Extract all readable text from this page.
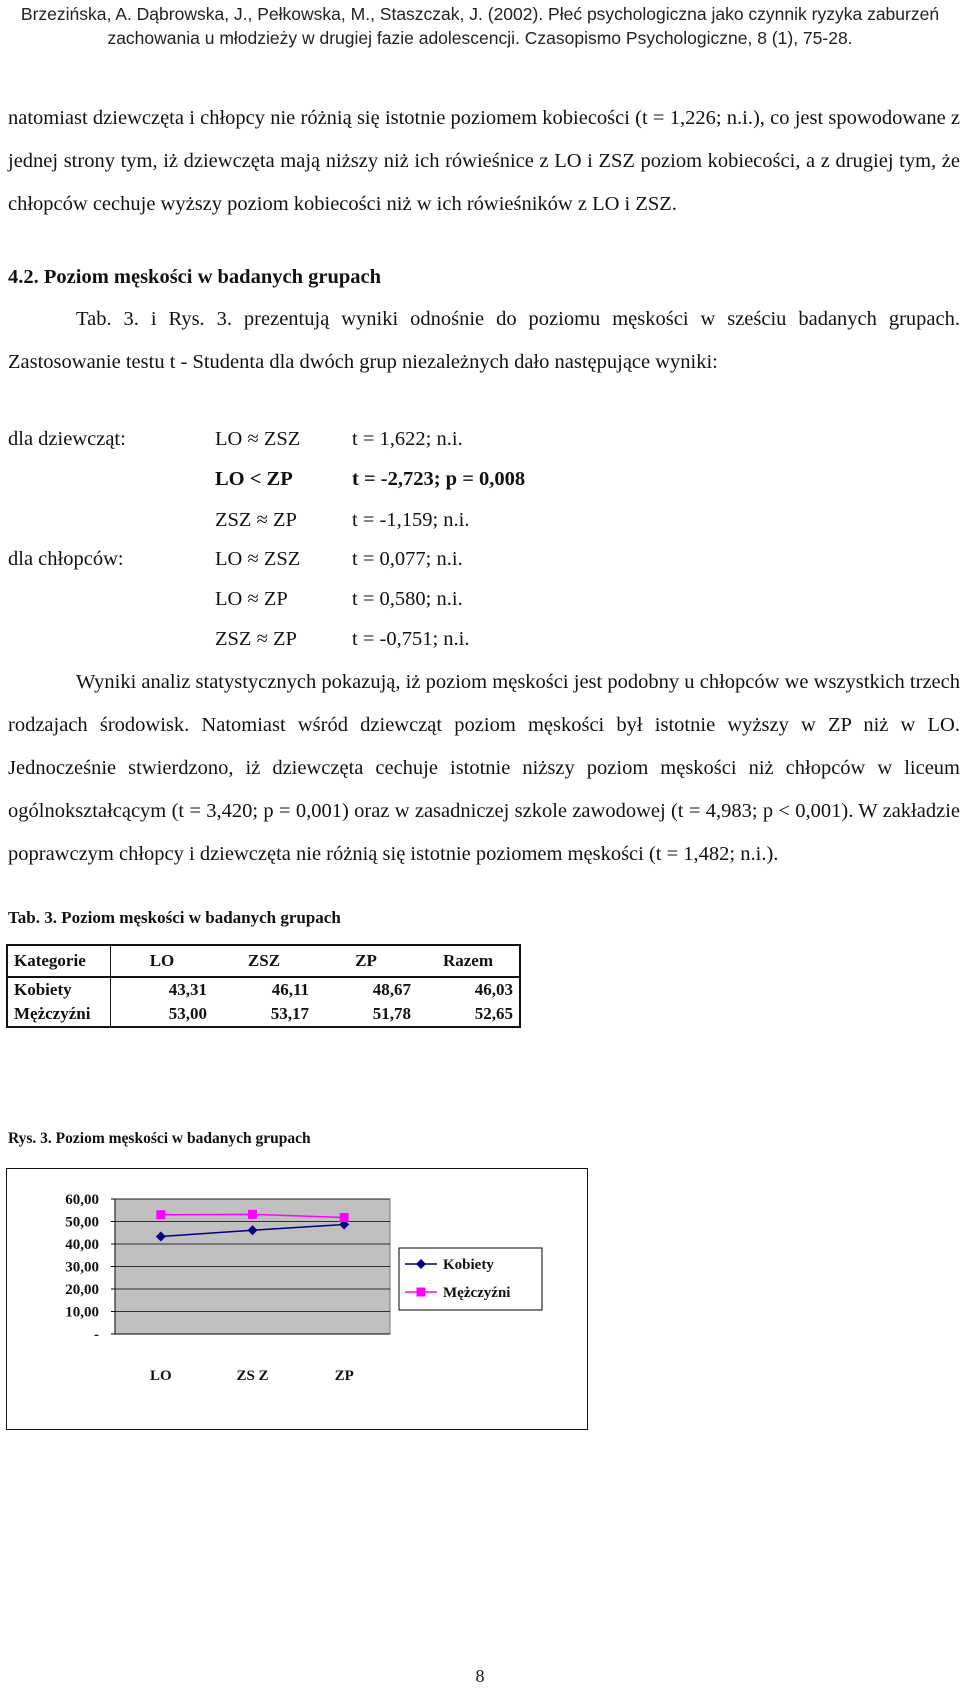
Brzezińska, A. Dąbrowska, J., Pełkowska, M., Staszczak, J. (2002). Płeć psychologiczna jako czynnik ryzyka zaburzeń
zachowania u młodzieży w drugiej fazie adolescencji. Czasopismo Psychologiczne, 8 (1), 75-28.

natomiast dziewczęta i chłopcy nie różnią się istotnie poziomem kobiecości (t = 1,226; n.i.), co jest spowodowane z jednej strony tym, iż dziewczęta mają niższy niż ich rówieśnice z LO i ZSZ poziom kobiecości, a z drugiej tym, że chłopców cechuje wyższy poziom kobiecości niż w ich rówieśników z LO i ZSZ.

4.2. Poziom męskości w badanych grupach

Tab. 3. i Rys. 3. prezentują wyniki odnośnie do poziomu męskości w sześciu badanych grupach. Zastosowanie testu t - Studenta dla dwóch grup niezależnych dało następujące wyniki:

dla dziewcząt:	LO ≈ ZSZ	t = 1,622; n.i.
LO < ZP	t = -2,723; p = 0,008
ZSZ ≈ ZP	t = -1,159; n.i.
dla chłopców:	LO ≈ ZSZ	t = 0,077; n.i.
LO ≈ ZP	t = 0,580; n.i.
ZSZ ≈ ZP	t = -0,751; n.i.

Wyniki analiz statystycznych pokazują, iż poziom męskości jest podobny u chłopców we wszystkich trzech rodzajach środowisk. Natomiast wśród dziewcząt poziom męskości był istotnie wyższy w ZP niż w LO. Jednocześnie stwierdzono, iż dziewczęta cechuje istotnie niższy poziom męskości niż chłopców w liceum ogólnokształcącym (t = 3,420; p = 0,001) oraz w zasadniczej szkole zawodowej (t = 4,983; p < 0,001). W zakładzie poprawczym chłopcy i dziewczęta nie różnią się istotnie poziomem męskości (t = 1,482; n.i.).

Tab. 3. Poziom męskości w badanych grupach
Kategorie	LO	ZSZ	ZP	Razem
Kobiety	43,31	46,11	48,67	46,03
Mężczyźni	53,00	53,17	51,78	52,65
Rys. 3. Poziom męskości w badanych grupach
60,00
50,00
40,00
30,00
20,00
10,00
-
LO	ZS Z	ZP
Kobiety
Mężczyźni
8
